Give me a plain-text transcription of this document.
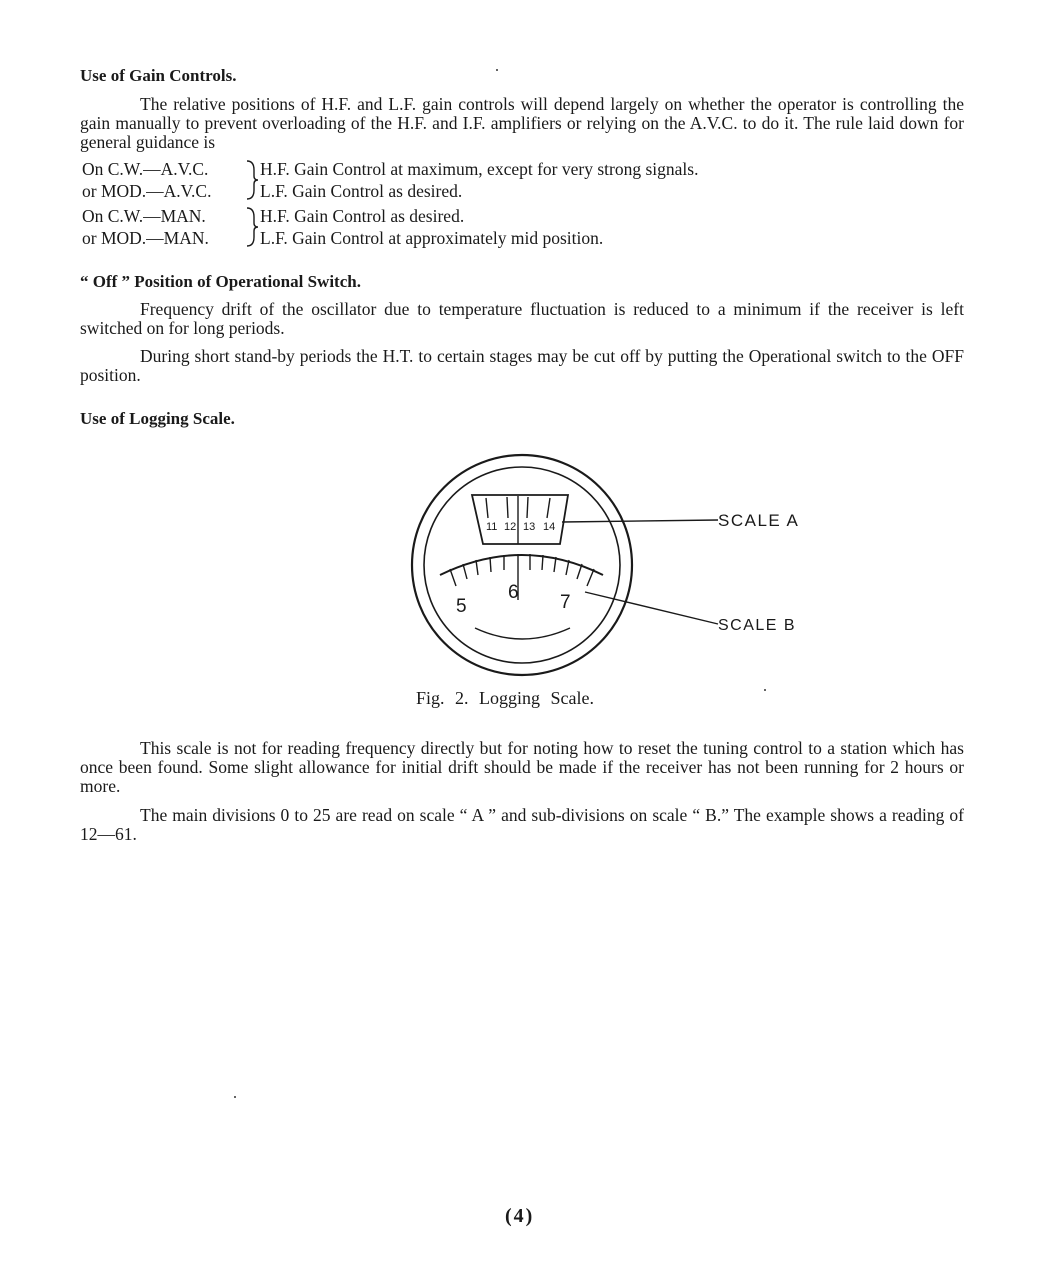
Use of Gain Controls.

The relative positions of H.F. and L.F. gain controls will depend largely on whether the operator is controlling the gain manually to prevent overloading of the H.F. and I.F. amplifiers or relying on the A.V.C. to do it. The rule laid down for general guidance is

On C.W.—A.V.C.
or MOD.—A.V.C.
H.F. Gain Control at maximum, except for very strong signals.
L.F. Gain Control as desired.
On C.W.—MAN.
or MOD.—MAN.
H.F. Gain Control as desired.
L.F. Gain Control at approximately mid position.
“ Off ” Position of Operational Switch.

Frequency drift of the oscillator due to temperature fluctuation is reduced to a minimum if the receiver is left switched on for long periods.

During short stand-by periods the H.T. to certain stages may be cut off by putting the Operational switch to the OFF position.

Use of Logging Scale.
11 12 13 14
5
6 7
SCALE A
SCALE B

Fig. 2. Logging Scale.

This scale is not for reading frequency directly but for noting how to reset the tuning control to a station which has once been found. Some slight allowance for initial drift should be made if the receiver has not been running for 2 hours or more.

The main divisions 0 to 25 are read on scale “ A ” and sub-divisions on scale “ B.” The example shows a reading of 12—61.

(4)
